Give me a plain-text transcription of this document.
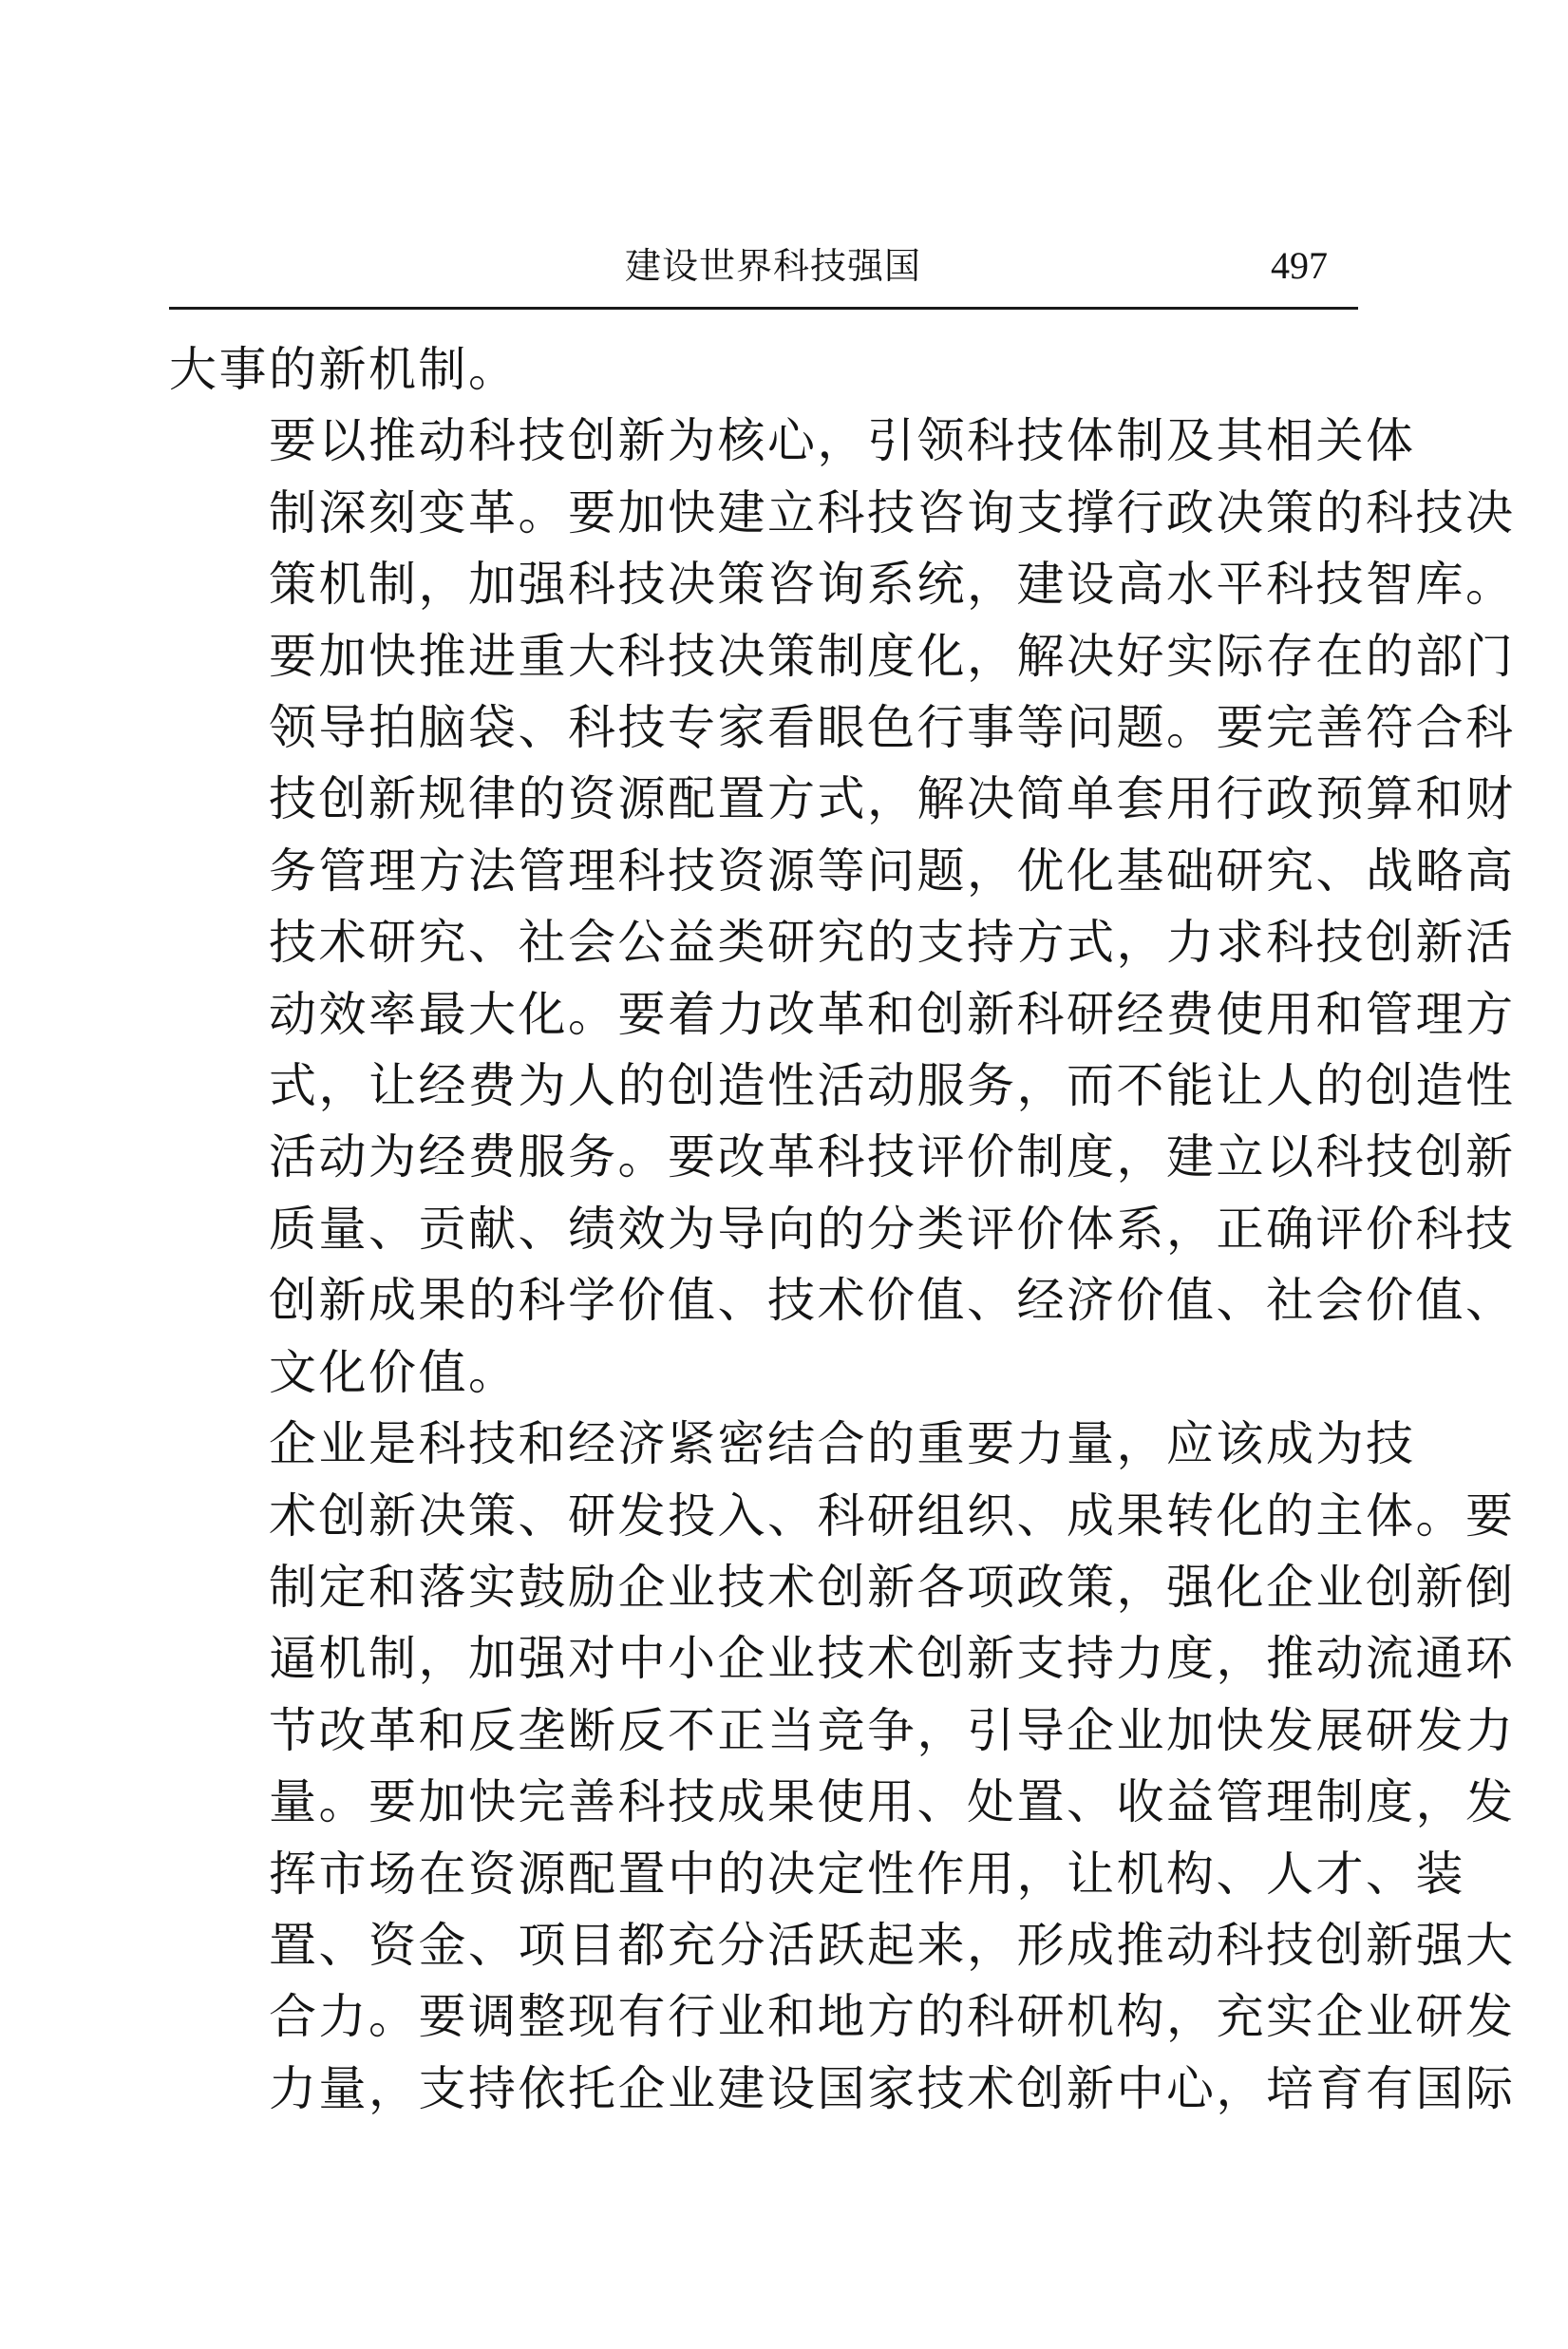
建设世界科技强国	497

大事的新机制。

要以推动科技创新为核心，引领科技体制及其相关体
制深刻变革。要加快建立科技咨询支撑行政决策的科技决
策机制，加强科技决策咨询系统，建设高水平科技智库。
要加快推进重大科技决策制度化，解决好实际存在的部门
领导拍脑袋、科技专家看眼色行事等问题。要完善符合科
技创新规律的资源配置方式，解决简单套用行政预算和财
务管理方法管理科技资源等问题，优化基础研究、战略高
技术研究、社会公益类研究的支持方式，力求科技创新活
动效率最大化。要着力改革和创新科研经费使用和管理方
式，让经费为人的创造性活动服务，而不能让人的创造性
活动为经费服务。要改革科技评价制度，建立以科技创新
质量、贡献、绩效为导向的分类评价体系，正确评价科技
创新成果的科学价值、技术价值、经济价值、社会价值、
文化价值。

企业是科技和经济紧密结合的重要力量，应该成为技
术创新决策、研发投入、科研组织、成果转化的主体。要
制定和落实鼓励企业技术创新各项政策，强化企业创新倒
逼机制，加强对中小企业技术创新支持力度，推动流通环
节改革和反垄断反不正当竞争，引导企业加快发展研发力
量。要加快完善科技成果使用、处置、收益管理制度，发
挥市场在资源配置中的决定性作用，让机构、人才、装
置、资金、项目都充分活跃起来，形成推动科技创新强大
合力。要调整现有行业和地方的科研机构，充实企业研发
力量，支持依托企业建设国家技术创新中心，培育有国际
